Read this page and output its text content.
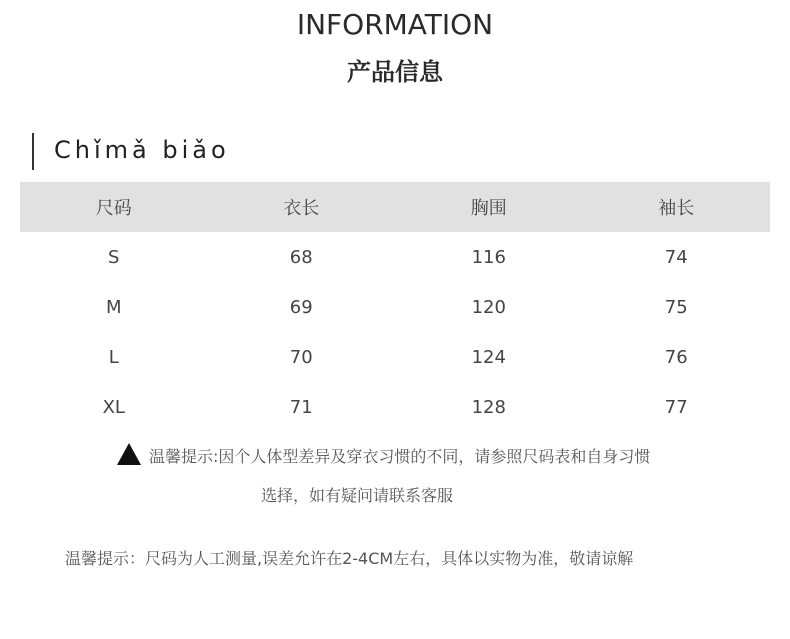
INFORMATION
产品信息
Chǐmǎ biǎo
尺码	衣长	胸围	袖长
S	68	116	74
M	69	120	75
L	70	124	76
XL	71	128	77
温馨提示:因个人体型差异及穿衣习惯的不同，请参照尺码表和自身习惯
选择，如有疑问请联系客服
温馨提示：尺码为人工测量,误差允许在2-4CM左右，具体以实物为准，敬请谅解
